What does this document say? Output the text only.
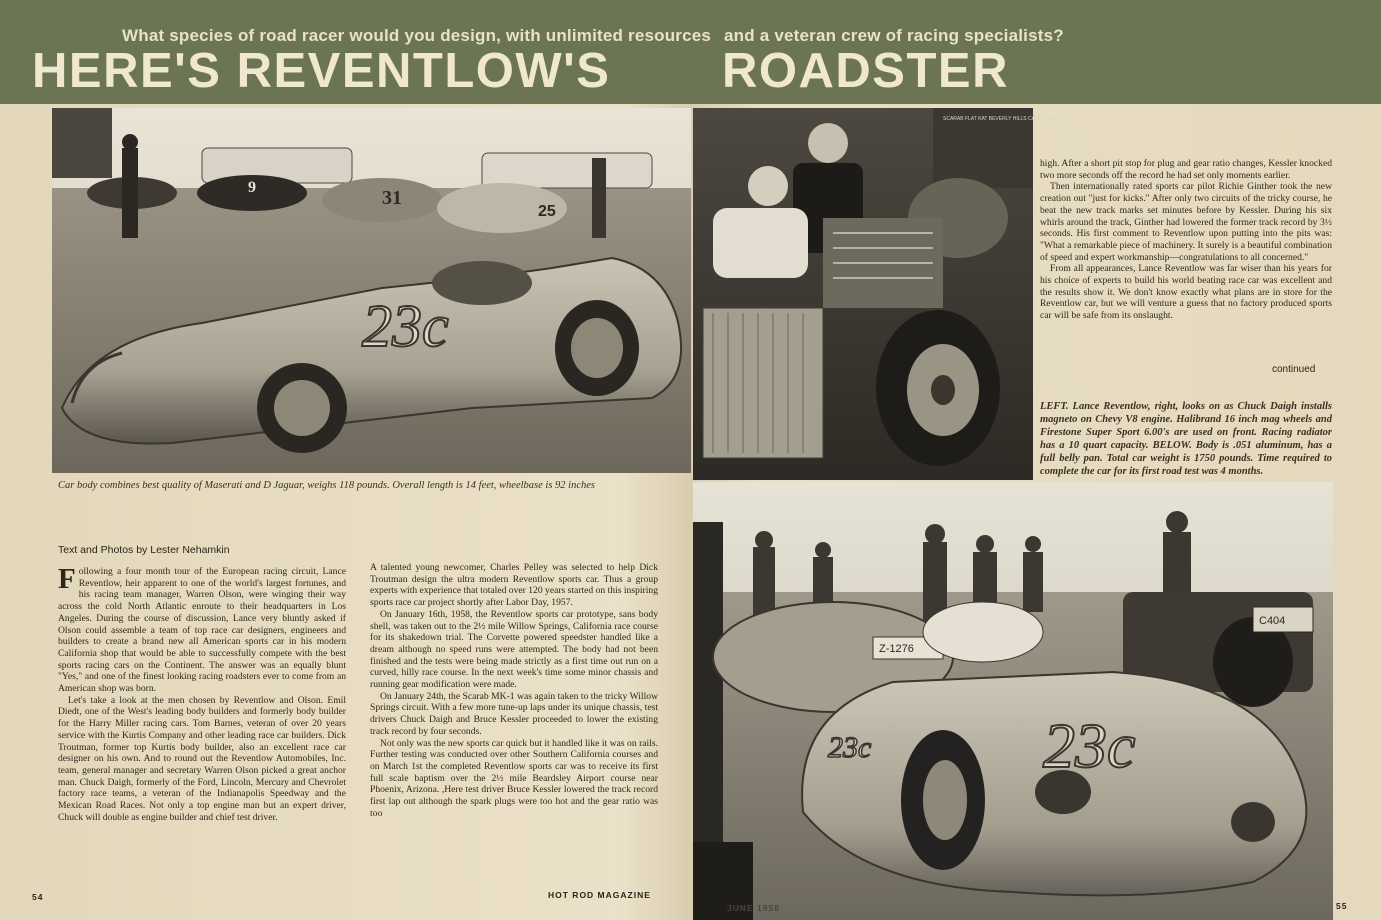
What species of road racer would you design, with unlimited resources and a veteran crew of racing specialists?
HERE'S REVENTLOW'S ROADSTER
9	31
25
23c
Car body combines best quality of Maserati and D Jaguar, weighs 118 pounds. Overall length is 14 feet, wheelbase is 92 inches
SCARAB FLAT KAT BEVERLY HILLS CALIFORNIA
Z-1276
C404
23c
23c
LEFT. Lance Reventlow, right, looks on as Chuck Daigh installs magneto on Chevy V8 engine. Halibrand 16 inch mag wheels and Firestone Super Sport 6.00's are used on front. Racing radiator has a 10 quart capacity. BELOW. Body is .051 aluminum, has a full belly pan. Total car weight is 1750 pounds. Time required to complete the car for its first road test was 4 months.
Text and Photos by Lester Nehamkin

Following a four month tour of the European racing circuit, Lance Reventlow, heir apparent to one of the world's largest fortunes, and his racing team manager, Warren Olson, were winging their way across the cold North Atlantic enroute to their headquarters in Los Angeles. During the course of discussion, Lance very bluntly asked if Olson could assemble a team of top race car designers, engineers and builders to create a brand new all American sports car in his modern California shop that would be able to successfully compete with the best sports racing cars on the Continent. The answer was an equally blunt "Yes," and one of the finest looking racing roadsters ever to come from an American shop was born.

Let's take a look at the men chosen by Reventlow and Olson. Emil Diedt, one of the West's leading body builders and formerly body builder for the Harry Miller racing cars. Tom Barnes, veteran of over 20 years service with the Kurtis Company and other leading race car builders. Dick Troutman, former top Kurtis body builder, also an excellent race car designer on his own. And to round out the Reventlow Automobiles, Inc. team, general manager and secretary Warren Olson picked a great anchor man. Chuck Daigh, formerly of the Ford, Lincoln, Mercury and Chevrolet factory race teams, a veteran of the Indianapolis Speedway and the Mexican Road Races. Not only a top engine man but an expert driver, Chuck will double as engine builder and chief test driver.

A talented young newcomer, Charles Pelley was selected to help Dick Troutman design the ultra modern Reventlow sports car. Thus a group experts with experience that totaled over 120 years started on this inspiring sports race car project shortly after Labor Day, 1957.

On January 16th, 1958, the Reventlow sports car prototype, sans body shell, was taken out to the 2½ mile Willow Springs, California race course for its shakedown trial. The Corvette powered speedster handled like a dream although no speed runs were attempted. The body had not been finished and the tests were being made strictly as a first time out run on a curved, hilly race course. In the next week's time some minor chassis and running gear modification were made.

On January 24th, the Scarab MK-1 was again taken to the tricky Willow Springs circuit. With a few more tune-up laps under its unique chassis, test drivers Chuck Daigh and Bruce Kessler proceeded to lower the existing track record by four seconds.

Not only was the new sports car quick but it handled like it was on rails. Further testing was conducted over other Southern California courses and on March 1st the completed Reventlow sports car was to receive its first full scale baptism over the 2½ mile Beardsley Airport course near Phoenix, Arizona. ,Here test driver Bruce Kessler lowered the track record first lap out although the spark plugs were too hot and the gear ratio was too

high. After a short pit stop for plug and gear ratio changes, Kessler knocked two more seconds off the record he had set only moments earlier.

Then internationally rated sports car pilot Richie Ginther took the new creation out "just for kicks." After only two circuits of the tricky course, he beat the new track marks set minutes before by Kessler. During his six whirls around the track, Ginther had lowered the former track record by 3½ seconds. His first comment to Reventlow upon putting into the pits was: "What a remarkable piece of machinery. It surely is a beautiful combination of speed and expert workmanship—congratulations to all concerned."

From all appearances, Lance Reventlow was far wiser than his years for his choice of experts to build his world beating race car was excellent and the results show it. We don't know exactly what plans are in store for the Reventlow car, but we will venture a guess that no factory produced sports car will be safe from its onslaught.

continued
54	HOT ROD MAGAZINE
JUNE 1958	55
